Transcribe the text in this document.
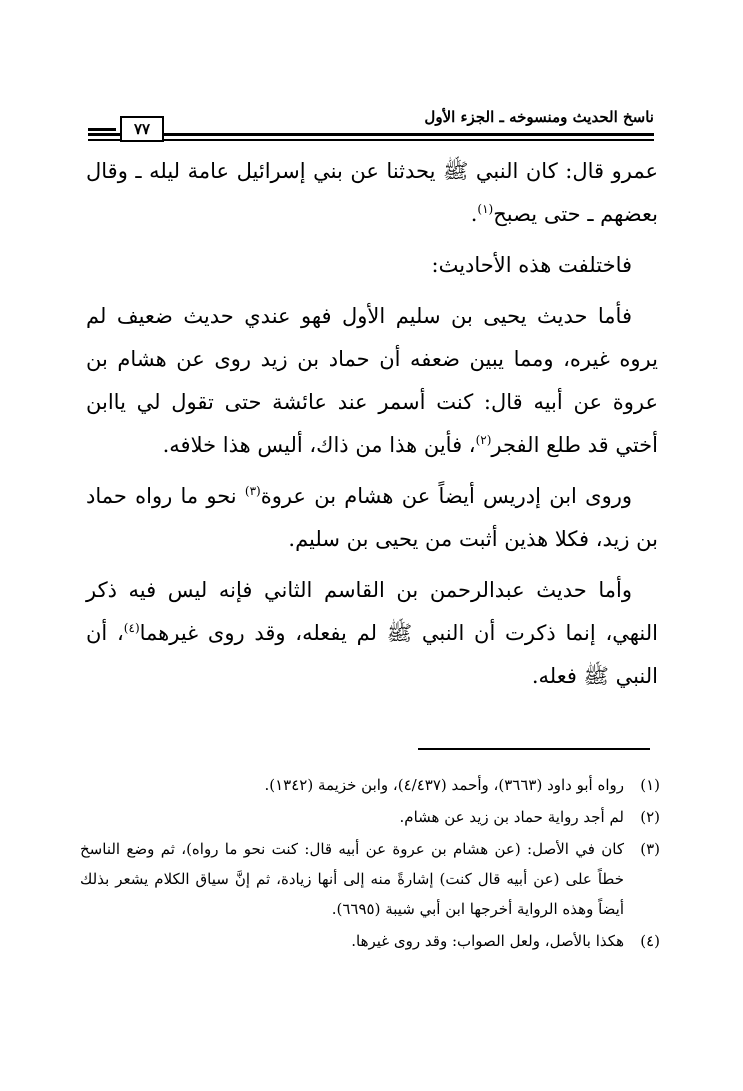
٧٧
ناسخ الحديث ومنسوخه ـ الجزء الأول

عمرو قال: كان النبي ﷺ يحدثنا عن بني إسرائيل عامة ليله ـ وقال بعضهم ـ حتى يصبح$^{(١)}$.

فاختلفت هذه الأحاديث:

فأما حديث يحيى بن سليم الأول فهو عندي حديث ضعيف لم يروه غيره، ومما يبين ضعفه أن حماد بن زيد روى عن هشام بن عروة عن أبيه قال: كنت أسمر عند عائشة حتى تقول لي ياابن أختي قد طلع الفجر$^{(٢)}$، فأين هذا من ذاك، أليس هذا خلافه.

وروى ابن إدريس أيضاً عن هشام بن عروة$^{(٣)}$ نحو ما رواه حماد بن زيد، فكلا هذين أثبت من يحيى بن سليم.

وأما حديث عبدالرحمن بن القاسم الثاني فإنه ليس فيه ذكر النهي، إنما ذكرت أن النبي ﷺ لم يفعله، وقد روى غيرهما$^{(٤)}$، أن النبي ﷺ فعله.

(١)
رواه أبو داود (٣٦٦٣)، وأحمد (٤/٤٣٧)، وابن خزيمة (١٣٤٢).
(٢)
لم أجد رواية حماد بن زيد عن هشام.
(٣)
كان في الأصل: (عن هشام بن عروة عن أبيه قال: كنت نحو ما رواه)، ثم وضع الناسخ خطاً على (عن أبيه قال كنت) إشارةً منه إلى أنها زيادة، ثم إنَّ سياق الكلام يشعر بذلك أيضاً وهذه الرواية أخرجها ابن أبي شيبة (٦٦٩٥).
(٤)
هكذا بالأصل، ولعل الصواب: وقد روى غيرها.
